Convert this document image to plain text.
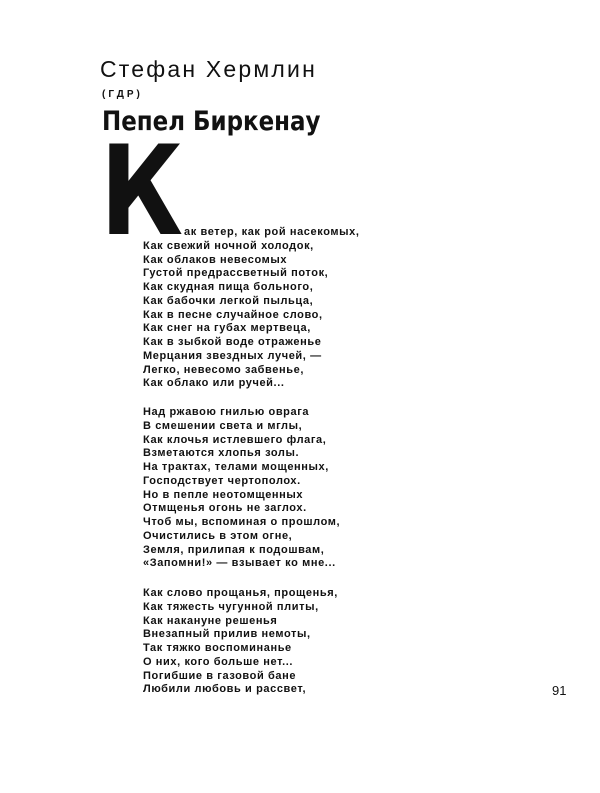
Стефан Хермлин
(ГДР)
Пепел Биркенау
К ак ветер, как рой насекомых,
Как свежий ночной холодок,
Как облаков невесомых
Густой предрассветный поток,
Как скудная пища больного,
Как бабочки легкой пыльца,
Как в песне случайное слово,
Как снег на губах мертвеца,
Как в зыбкой воде отраженье
Мерцания звездных лучей, —
Легко, невесомо забвенье,
Как облако или ручей...
Над ржавою гнилью оврага
В смешении света и мглы,
Как клочья истлевшего флага,
Взметаются хлопья золы.
На трактах, телами мощенных,
Господствует чертополох.
Но в пепле неотомщенных
Отмщенья огонь не заглох.
Чтоб мы, вспоминая о прошлом,
Очистились в этом огне,
Земля, прилипая к подошвам,
«Запомни!» — взывает ко мне...
Как слово прощанья, прощенья,
Как тяжесть чугунной плиты,
Как накануне решенья
Внезапный прилив немоты,
Так тяжко воспоминанье
О них, кого больше нет...
Погибшие в газовой бане
Любили любовь и рассвет,	91
